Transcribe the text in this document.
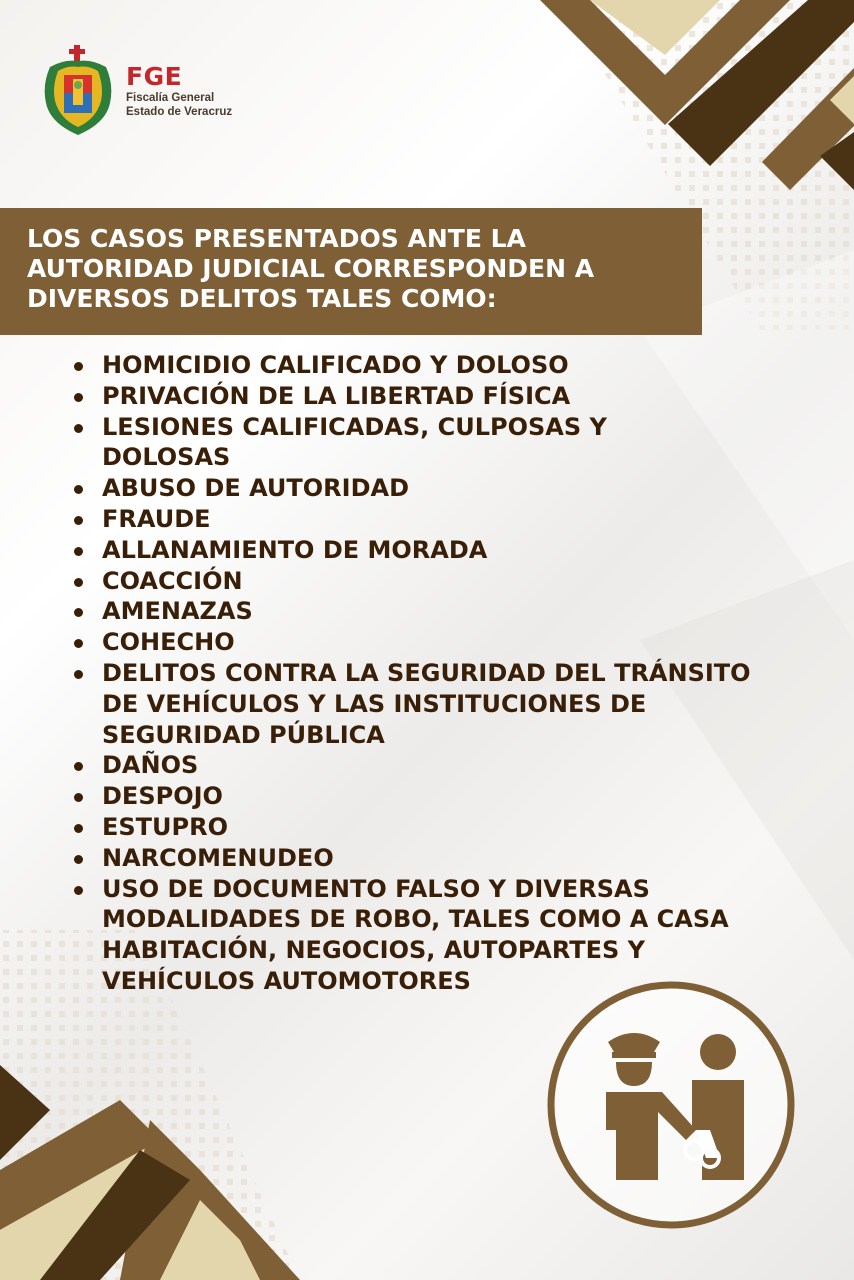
FGE
Fiscalía General
Estado de Veracruz
LOS CASOS PRESENTADOS ANTE LA AUTORIDAD JUDICIAL CORRESPONDEN A DIVERSOS DELITOS TALES COMO:
HOMICIDIO CALIFICADO Y DOLOSO
PRIVACIÓN DE LA LIBERTAD FÍSICA
LESIONES CALIFICADAS, CULPOSAS Y DOLOSAS
ABUSO DE AUTORIDAD
FRAUDE
ALLANAMIENTO DE MORADA
COACCIÓN
AMENAZAS
COHECHO
DELITOS CONTRA LA SEGURIDAD DEL TRÁNSITO DE VEHÍCULOS Y LAS INSTITUCIONES DE SEGURIDAD PÚBLICA
DAÑOS
DESPOJO
ESTUPRO
NARCOMENUDEO
USO DE DOCUMENTO FALSO Y DIVERSAS MODALIDADES DE ROBO, TALES COMO A CASA HABITACIÓN, NEGOCIOS, AUTOPARTES Y VEHÍCULOS AUTOMOTORES
